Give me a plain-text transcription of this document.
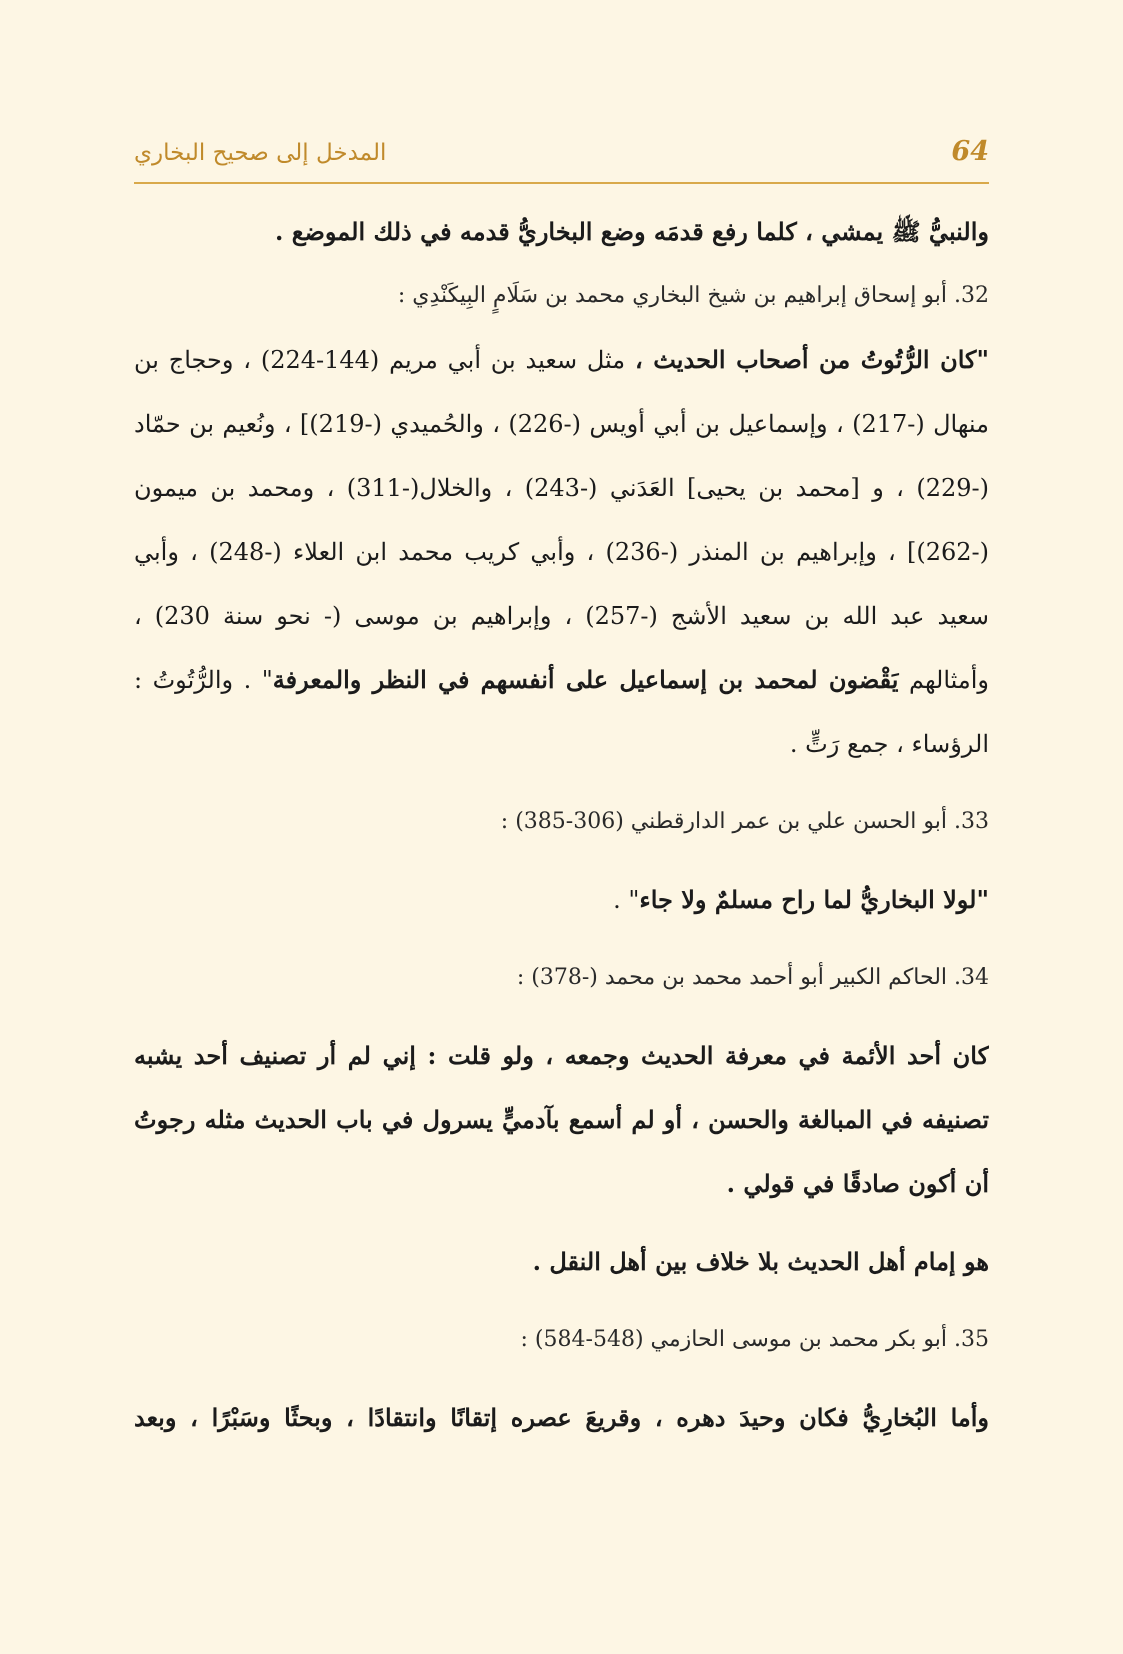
64
المدخل إلى صحيح البخاري
والنبيُّ ﷺ يمشي ، كلما رفع قدمَه وضع البخاريُّ قدمه في ذلك الموضع .
32. أبو إسحاق إبراهيم بن شيخ البخاري محمد بن سَلَامٍ البِيكَنْدِي :
"كان الرُّتُوتُ من أصحاب الحديث ، مثل سعيد بن أبي مريم (144-224) ، وحجاج بن
منهال (-217) ، وإسماعيل بن أبي أويس (-226) ، والحُميدي (-219)] ، ونُعيم بن حمّاد
(-229) ، و [محمد بن يحيى] العَدَني (-243) ، والخلال(-311) ، ومحمد بن ميمون
(-262)] ، وإبراهيم بن المنذر (-236) ، وأبي كريب محمد ابن العلاء (-248) ، وأبي
سعيد عبد الله بن سعيد الأشج (-257) ، وإبراهيم بن موسى (- نحو سنة 230) ،
وأمثالهم يَقْضون لمحمد بن إسماعيل على أنفسهم في النظر والمعرفة" . والرُّتُوتُ :
الرؤساء ، جمع رَتٍّ .
33. أبو الحسن علي بن عمر الدارقطني (306-385) :
"لولا البخاريُّ لما راح مسلمٌ ولا جاء" .
34. الحاكم الكبير أبو أحمد محمد بن محمد (-378) :
كان أحد الأئمة في معرفة الحديث وجمعه ، ولو قلت : إني لم أر تصنيف أحد يشبه
تصنيفه في المبالغة والحسن ، أو لم أسمع بآدميٍّ يسرول في باب الحديث مثله رجوتُ
أن أكون صادقًا في قولي .
هو إمام أهل الحديث بلا خلاف بين أهل النقل .
35. أبو بكر محمد بن موسى الحازمي (548-584) :
وأما البُخارِيُّ فكان وحيدَ دهره ، وقريعَ عصره إتقانًا وانتقادًا ، وبحثًا وسَبْرًا ، وبعد
